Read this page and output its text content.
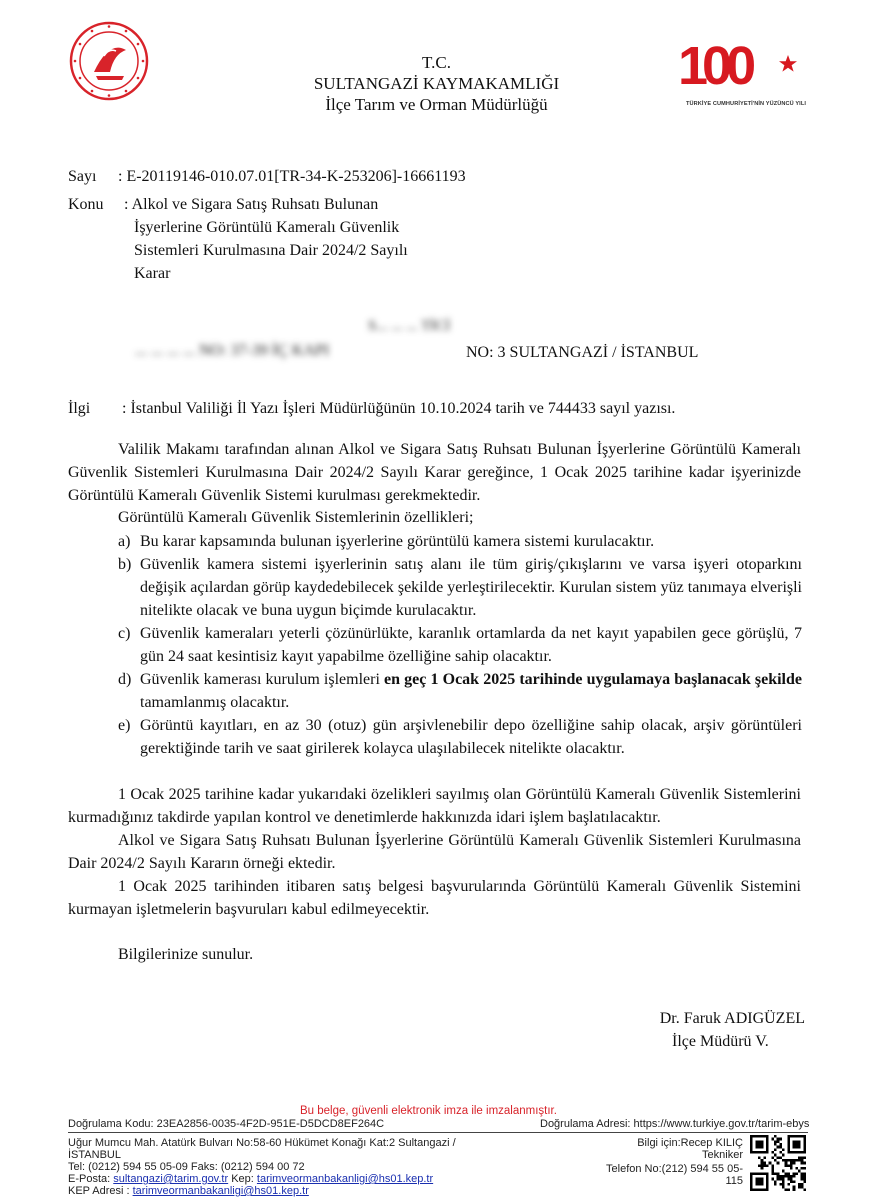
T.C.
SULTANGAZİ KAYMAKAMLIĞI
İlçe Tarım ve Orman Müdürlüğü
100
TÜRKİYE CUMHURİYETİ'NİN YÜZÜNCÜ YILI
Sayı : E-20119146-010.07.01[TR-34-K-253206]-16661193
Konu : Alkol ve Sigara Satış Ruhsatı Bulunan
İşyerlerine Görüntülü Kameralı Güvenlik
Sistemleri Kurulmasına Dair 2024/2 Sayılı
Karar
S... ... ... TİCİ
... ... ... ... NO: 37-39 İÇ KAPI	NO: 3 SULTANGAZİ / İSTANBUL
İlgi : İstanbul Valiliği İl Yazı İşleri Müdürlüğünün 10.10.2024 tarih ve 744433 sayıl yazısı.
Valilik Makamı tarafından alınan Alkol ve Sigara Satış Ruhsatı Bulunan İşyerlerine Görüntülü Kameralı Güvenlik Sistemleri Kurulmasına Dair 2024/2 Sayılı Karar gereğince, 1 Ocak 2025 tarihine kadar işyerinizde Görüntülü Kameralı Güvenlik Sistemi kurulması gerekmektedir.
Görüntülü Kameralı Güvenlik Sistemlerinin özellikleri;
a) Bu karar kapsamında bulunan işyerlerine görüntülü kamera sistemi kurulacaktır.
b) Güvenlik kamera sistemi işyerlerinin satış alanı ile tüm giriş/çıkışlarını ve varsa işyeri otoparkını değişik açılardan görüp kaydedebilecek şekilde yerleştirilecektir. Kurulan sistem yüz tanımaya elverişli nitelikte olacak ve buna uygun biçimde kurulacaktır.
c) Güvenlik kameraları yeterli çözünürlükte, karanlık ortamlarda da net kayıt yapabilen gece görüşlü, 7 gün 24 saat kesintisiz kayıt yapabilme özelliğine sahip olacaktır.
d) Güvenlik kamerası kurulum işlemleri en geç 1 Ocak 2025 tarihinde uygulamaya başlanacak şekilde tamamlanmış olacaktır.
e) Görüntü kayıtları, en az 30 (otuz) gün arşivlenebilir depo özelliğine sahip olacak, arşiv görüntüleri gerektiğinde tarih ve saat girilerek kolayca ulaşılabilecek nitelikte olacaktır.
1 Ocak 2025 tarihine kadar yukarıdaki özelikleri sayılmış olan Görüntülü Kameralı Güvenlik Sistemlerini kurmadığınız takdirde yapılan kontrol ve denetimlerde hakkınızda idari işlem başlatılacaktır.
Alkol ve Sigara Satış Ruhsatı Bulunan İşyerlerine Görüntülü Kameralı Güvenlik Sistemleri Kurulmasına Dair 2024/2 Sayılı Kararın örneği ektedir.
1 Ocak 2025 tarihinden itibaren satış belgesi başvurularında Görüntülü Kameralı Güvenlik Sistemini kurmayan işletmelerin başvuruları kabul edilmeyecektir.
Bilgilerinize sunulur.
Dr. Faruk ADIGÜZEL
İlçe Müdürü V.
Bu belge, güvenli elektronik imza ile imzalanmıştır.
Doğrulama Kodu: 23EA2856-0035-4F2D-951E-D5DCD8EF264C	Doğrulama Adresi: https://www.turkiye.gov.tr/tarim-ebys
Uğur Mumcu Mah. Atatürk Bulvarı No:58-60 Hükümet Konağı Kat:2 Sultangazi /
İSTANBUL
Tel: (0212) 594 55 05-09 Faks: (0212) 594 00 72
E-Posta: sultangazi@tarim.gov.tr Kep: tarimveormanbakanligi@hs01.kep.tr
KEP Adresi : tarimveormanbakanligi@hs01.kep.tr
Bilgi için:Recep KILIÇ
Tekniker
Telefon No:(212) 594 55 05-
115
